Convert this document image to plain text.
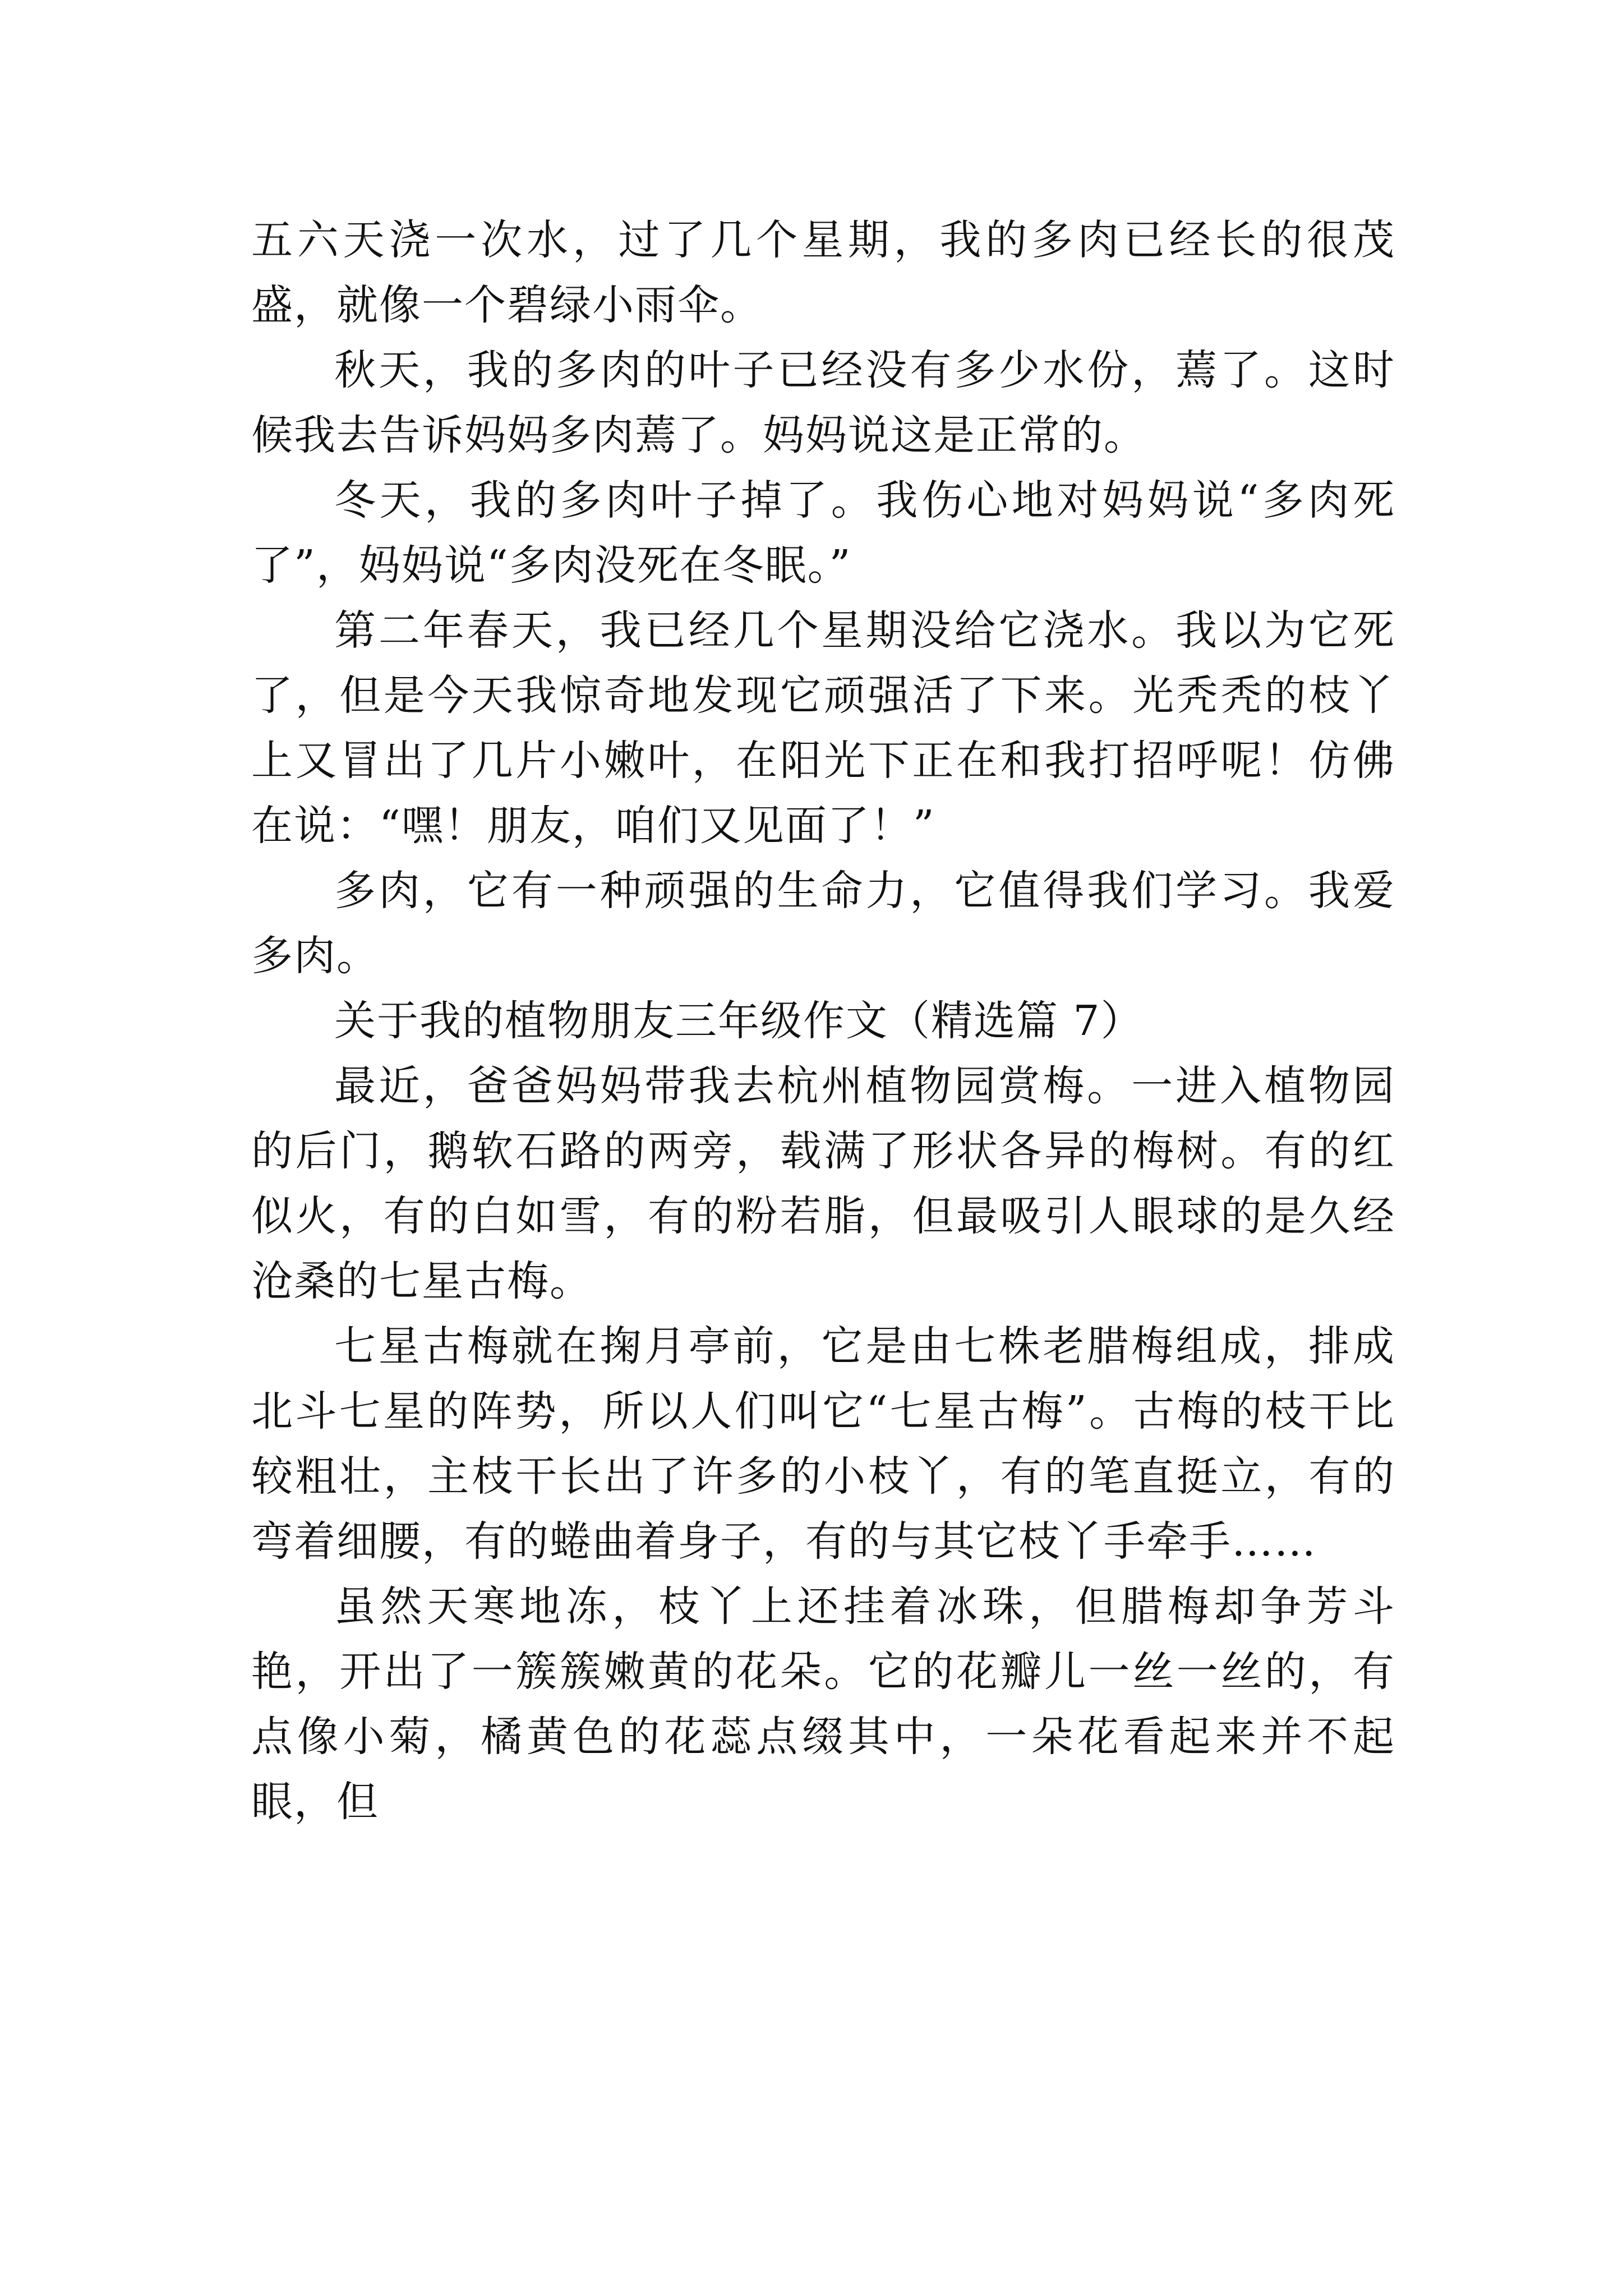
五六天浇一次水，过了几个星期，我的多肉已经长的很茂盛，就像一个碧绿小雨伞。

秋天，我的多肉的叶子已经没有多少水份，蔫了。这时候我去告诉妈妈多肉蔫了。妈妈说这是正常的。

冬天，我的多肉叶子掉了。我伤心地对妈妈说“多肉死了”，妈妈说“多肉没死在冬眠。”

第二年春天，我已经几个星期没给它浇水。我以为它死了，但是今天我惊奇地发现它顽强活了下来。光秃秃的枝丫上又冒出了几片小嫩叶，在阳光下正在和我打招呼呢！仿佛在说：“嘿！朋友，咱们又见面了！”

多肉，它有一种顽强的生命力，它值得我们学习。我爱多肉。

关于我的植物朋友三年级作文（精选篇 7）

最近，爸爸妈妈带我去杭州植物园赏梅。一进入植物园的后门，鹅软石路的两旁，载满了形状各异的梅树。有的红似火，有的白如雪，有的粉若脂，但最吸引人眼球的是久经沧桑的七星古梅。

七星古梅就在掬月亭前，它是由七株老腊梅组成，排成北斗七星的阵势，所以人们叫它“七星古梅”。古梅的枝干比较粗壮，主枝干长出了许多的小枝丫，有的笔直挺立，有的弯着细腰，有的蜷曲着身子，有的与其它枝丫手牵手……

虽然天寒地冻，枝丫上还挂着冰珠，但腊梅却争芳斗艳，开出了一簇簇嫩黄的花朵。它的花瓣儿一丝一丝的，有点像小菊，橘黄色的花蕊点缀其中，一朵花看起来并不起眼，但
